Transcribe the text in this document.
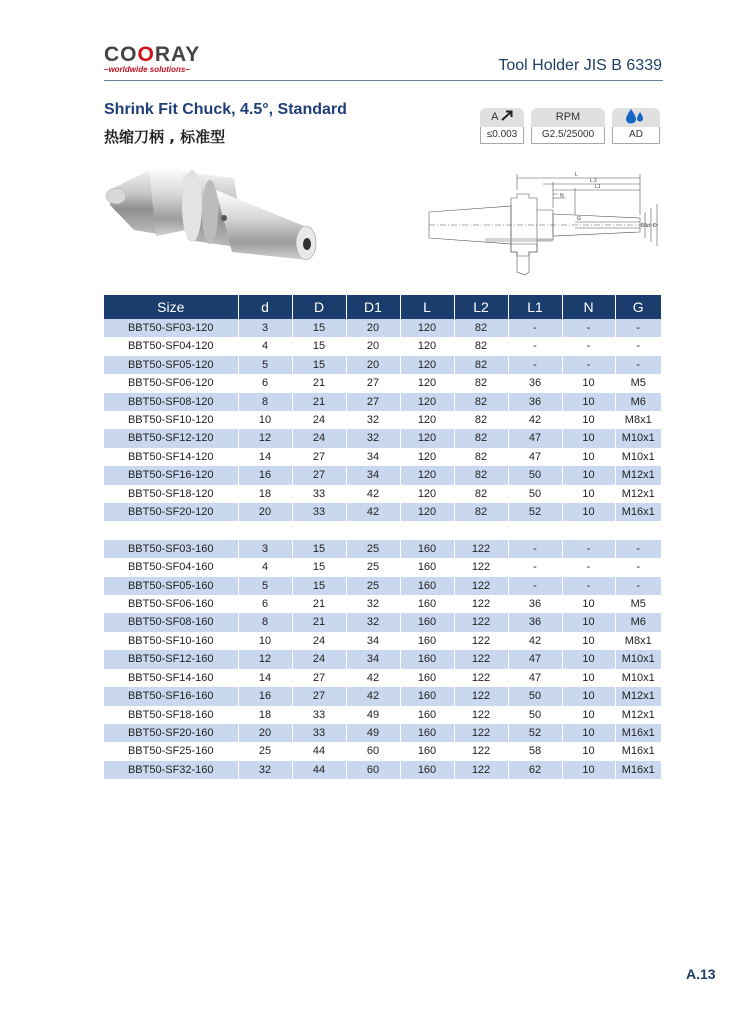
COORAY
–worldwide solutions–	Tool Holder JIS B 6339
Shrink Fit Chuck, 4.5°, Standard
热缩刀柄 , 标准型
A
≤0.003
RPM
G2.5/25000	AD
L
L 2
L1
N
G
D1 d D
Size	d	D	D1	L	L2	L1	N	G
BBT50-SF03-120	3	15	20	120	82	-	-	-
BBT50-SF04-120	4	15	20	120	82	-	-	-
BBT50-SF05-120	5	15	20	120	82	-	-	-
BBT50-SF06-120	6	21	27	120	82	36	10	M5
BBT50-SF08-120	8	21	27	120	82	36	10	M6
BBT50-SF10-120	10	24	32	120	82	42	10	M8x1
BBT50-SF12-120	12	24	32	120	82	47	10	M10x1
BBT50-SF14-120	14	27	34	120	82	47	10	M10x1
BBT50-SF16-120	16	27	34	120	82	50	10	M12x1
BBT50-SF18-120	18	33	42	120	82	50	10	M12x1
BBT50-SF20-120	20	33	42	120	82	52	10	M16x1

BBT50-SF03-160	3	15	25	160	122	-	-	-
BBT50-SF04-160	4	15	25	160	122	-	-	-
BBT50-SF05-160	5	15	25	160	122	-	-	-
BBT50-SF06-160	6	21	32	160	122	36	10	M5
BBT50-SF08-160	8	21	32	160	122	36	10	M6
BBT50-SF10-160	10	24	34	160	122	42	10	M8x1
BBT50-SF12-160	12	24	34	160	122	47	10	M10x1
BBT50-SF14-160	14	27	42	160	122	47	10	M10x1
BBT50-SF16-160	16	27	42	160	122	50	10	M12x1
BBT50-SF18-160	18	33	49	160	122	50	10	M12x1
BBT50-SF20-160	20	33	49	160	122	52	10	M16x1
BBT50-SF25-160	25	44	60	160	122	58	10	M16x1
BBT50-SF32-160	32	44	60	160	122	62	10	M16x1
A.13
